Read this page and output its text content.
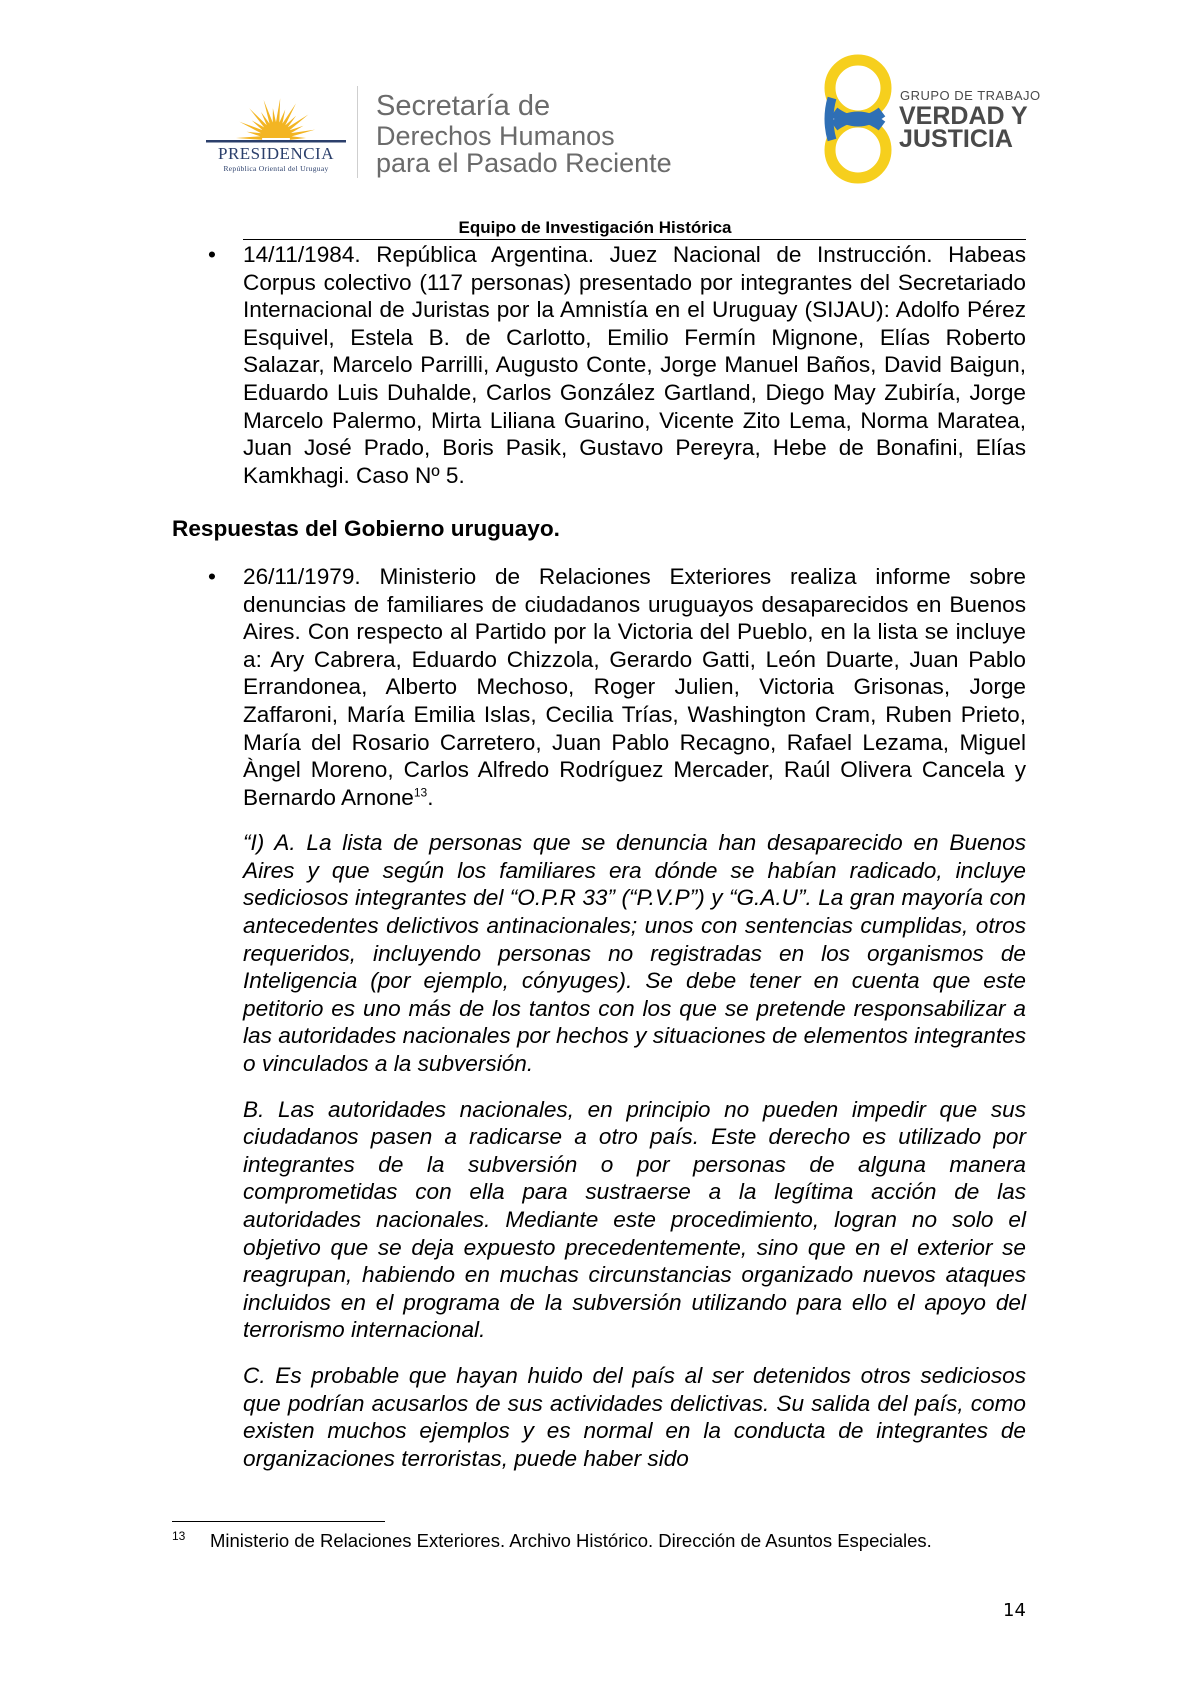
PRESIDENCIA
República Oriental del Uruguay
Secretaría de
Derechos Humanos
para el Pasado Reciente
GRUPO DE TRABAJO
VERDAD Y
JUSTICIA
Equipo de Investigación Histórica
• 14/11/1984. República Argentina. Juez Nacional de Instrucción. Habeas Corpus colectivo (117 personas) presentado por integrantes del Secretariado Internacional de Juristas por la Amnistía en el Uruguay (SIJAU): Adolfo Pérez Esquivel, Estela B. de Carlotto, Emilio Fermín Mignone, Elías Roberto Salazar, Marcelo Parrilli, Augusto Conte, Jorge Manuel Baños, David Baigun, Eduardo Luis Duhalde, Carlos González Gartland, Diego May Zubiría, Jorge Marcelo Palermo, Mirta Liliana Guarino, Vicente Zito Lema, Norma Maratea, Juan José Prado, Boris Pasik, Gustavo Pereyra, Hebe de Bonafini, Elías Kamkhagi. Caso Nº 5.

Respuestas del Gobierno uruguayo.

• 26/11/1979. Ministerio de Relaciones Exteriores realiza informe sobre denuncias de familiares de ciudadanos uruguayos desaparecidos en Buenos Aires. Con respecto al Partido por la Victoria del Pueblo, en la lista se incluye a: Ary Cabrera, Eduardo Chizzola, Gerardo Gatti, León Duarte, Juan Pablo Errandonea, Alberto Mechoso, Roger Julien, Victoria Grisonas, Jorge Zaffaroni, María Emilia Islas, Cecilia Trías, Washington Cram, Ruben Prieto, María del Rosario Carretero, Juan Pablo Recagno, Rafael Lezama, Miguel Àngel Moreno, Carlos Alfredo Rodríguez Mercader, Raúl Olivera Cancela y Bernardo Arnone$^{13}$.

“I) A. La lista de personas que se denuncia han desaparecido en Buenos Aires y que según los familiares era dónde se habían radicado, incluye sediciosos integrantes del “O.P.R 33” (“P.V.P”) y “G.A.U”. La gran mayoría con antecedentes delictivos antinacionales; unos con sentencias cumplidas, otros requeridos, incluyendo personas no registradas en los organismos de Inteligencia (por ejemplo, cónyuges). Se debe tener en cuenta que este petitorio es uno más de los tantos con los que se pretende responsabilizar a las autoridades nacionales por hechos y situaciones de elementos integrantes o vinculados a la subversión.

B. Las autoridades nacionales, en principio no pueden impedir que sus ciudadanos pasen a radicarse a otro país. Este derecho es utilizado por integrantes de la subversión o por personas de alguna manera comprometidas con ella para sustraerse a la legítima acción de las autoridades nacionales. Mediante este procedimiento, logran no solo el objetivo que se deja expuesto precedentemente, sino que en el exterior se reagrupan, habiendo en muchas circunstancias organizado nuevos ataques incluidos en el programa de la subversión utilizando para ello el apoyo del terrorismo internacional.

C. Es probable que hayan huido del país al ser detenidos otros sediciosos que podrían acusarlos de sus actividades delictivas. Su salida del país, como existen muchos ejemplos y es normal en la conducta de integrantes de organizaciones terroristas, puede haber sido

13 Ministerio de Relaciones Exteriores. Archivo Histórico. Dirección de Asuntos Especiales.
14
